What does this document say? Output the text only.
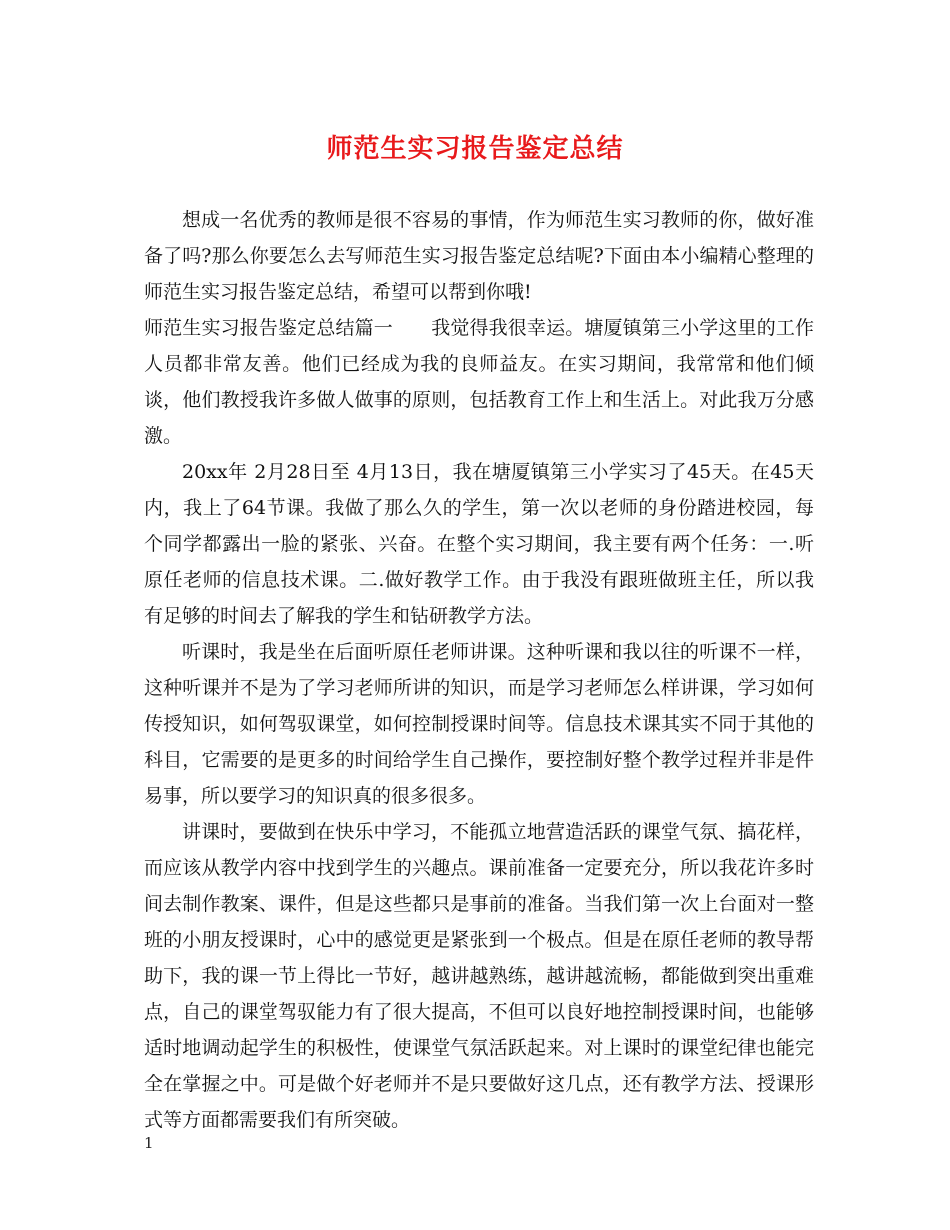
师范生实习报告鉴定总结

想成一名优秀的教师是很不容易的事情，作为师范生实习教师的你，做好准备了吗?那么你要怎么去写师范生实习报告鉴定总结呢?下面由本小编精心整理的师范生实习报告鉴定总结，希望可以帮到你哦!

师范生实习报告鉴定总结篇一　　我觉得我很幸运。塘厦镇第三小学这里的工作人员都非常友善。他们已经成为我的良师益友。在实习期间，我常常和他们倾谈，他们教授我许多做人做事的原则，包括教育工作上和生活上。对此我万分感激。

20xx年 2月28日至 4月13日，我在塘厦镇第三小学实习了45天。在45天内，我上了64节课。我做了那么久的学生，第一次以老师的身份踏进校园，每个同学都露出一脸的紧张、兴奋。在整个实习期间，我主要有两个任务：一.听原任老师的信息技术课。二.做好教学工作。由于我没有跟班做班主任，所以我有足够的时间去了解我的学生和钻研教学方法。

听课时，我是坐在后面听原任老师讲课。这种听课和我以往的听课不一样，这种听课并不是为了学习老师所讲的知识，而是学习老师怎么样讲课，学习如何传授知识，如何驾驭课堂，如何控制授课时间等。信息技术课其实不同于其他的科目，它需要的是更多的时间给学生自己操作，要控制好整个教学过程并非是件易事，所以要学习的知识真的很多很多。

讲课时，要做到在快乐中学习，不能孤立地营造活跃的课堂气氛、搞花样，而应该从教学内容中找到学生的兴趣点。课前准备一定要充分，所以我花许多时间去制作教案、课件，但是这些都只是事前的准备。当我们第一次上台面对一整班的小朋友授课时，心中的感觉更是紧张到一个极点。但是在原任老师的教导帮助下，我的课一节上得比一节好，越讲越熟练，越讲越流畅，都能做到突出重难点，自己的课堂驾驭能力有了很大提高，不但可以良好地控制授课时间，也能够适时地调动起学生的积极性，使课堂气氛活跃起来。对上课时的课堂纪律也能完全在掌握之中。可是做个好老师并不是只要做好这几点，还有教学方法、授课形式等方面都需要我们有所突破。

1
